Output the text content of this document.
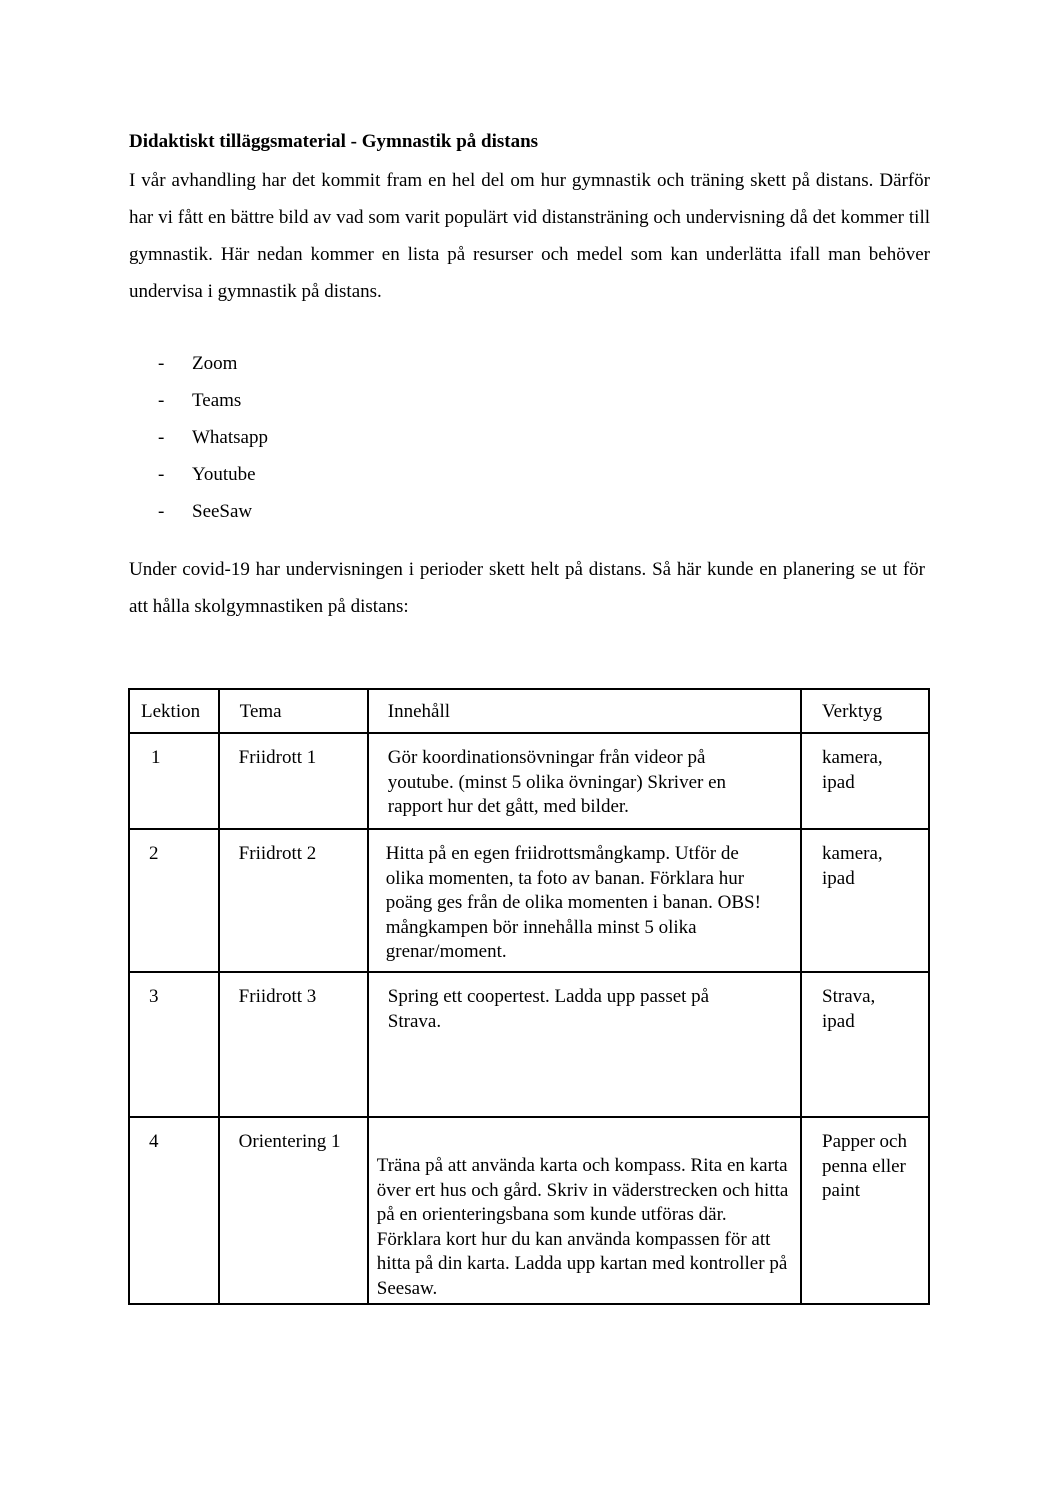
Didaktiskt tilläggsmaterial - Gymnastik på distans

I vår avhandling har det kommit fram en hel del om hur gymnastik och träning skett på distans. Därför har vi fått en bättre bild av vad som varit populärt vid distansträning och undervisning då det kommer till gymnastik. Här nedan kommer en lista på resurser och medel som kan underlätta ifall man behöver undervisa i gymnastik på distans.

- Zoom
- Teams
- Whatsapp
- Youtube
- SeeSaw

Under covid-19 har undervisningen i perioder skett helt på distans. Så här kunde en planering se ut för att hålla skolgymnastiken på distans:

Lektion	Tema	Innehåll	Verktyg

1	Friidrott 1	Gör koordinationsövningar från videor på youtube. (minst 5 olika övningar) Skriver en rapport hur det gått, med bilder.	kamera, ipad

2	Friidrott 2	Hitta på en egen friidrottsmångkamp. Utför de olika momenten, ta foto av banan. Förklara hur poäng ges från de olika momenten i banan. OBS! mångkampen bör innehålla minst 5 olika grenar/moment.	kamera, ipad

3	Friidrott 3	Spring ett coopertest. Ladda upp passet på Strava.	Strava, ipad

4	Orientering 1	Träna på att använda karta och kompass. Rita en karta över ert hus och gård. Skriv in väderstrecken och hitta på en orienteringsbana som kunde utföras där. Förklara kort hur du kan använda kompassen för att hitta på din karta. Ladda upp kartan med kontroller på Seesaw.	Papper och penna eller paint
